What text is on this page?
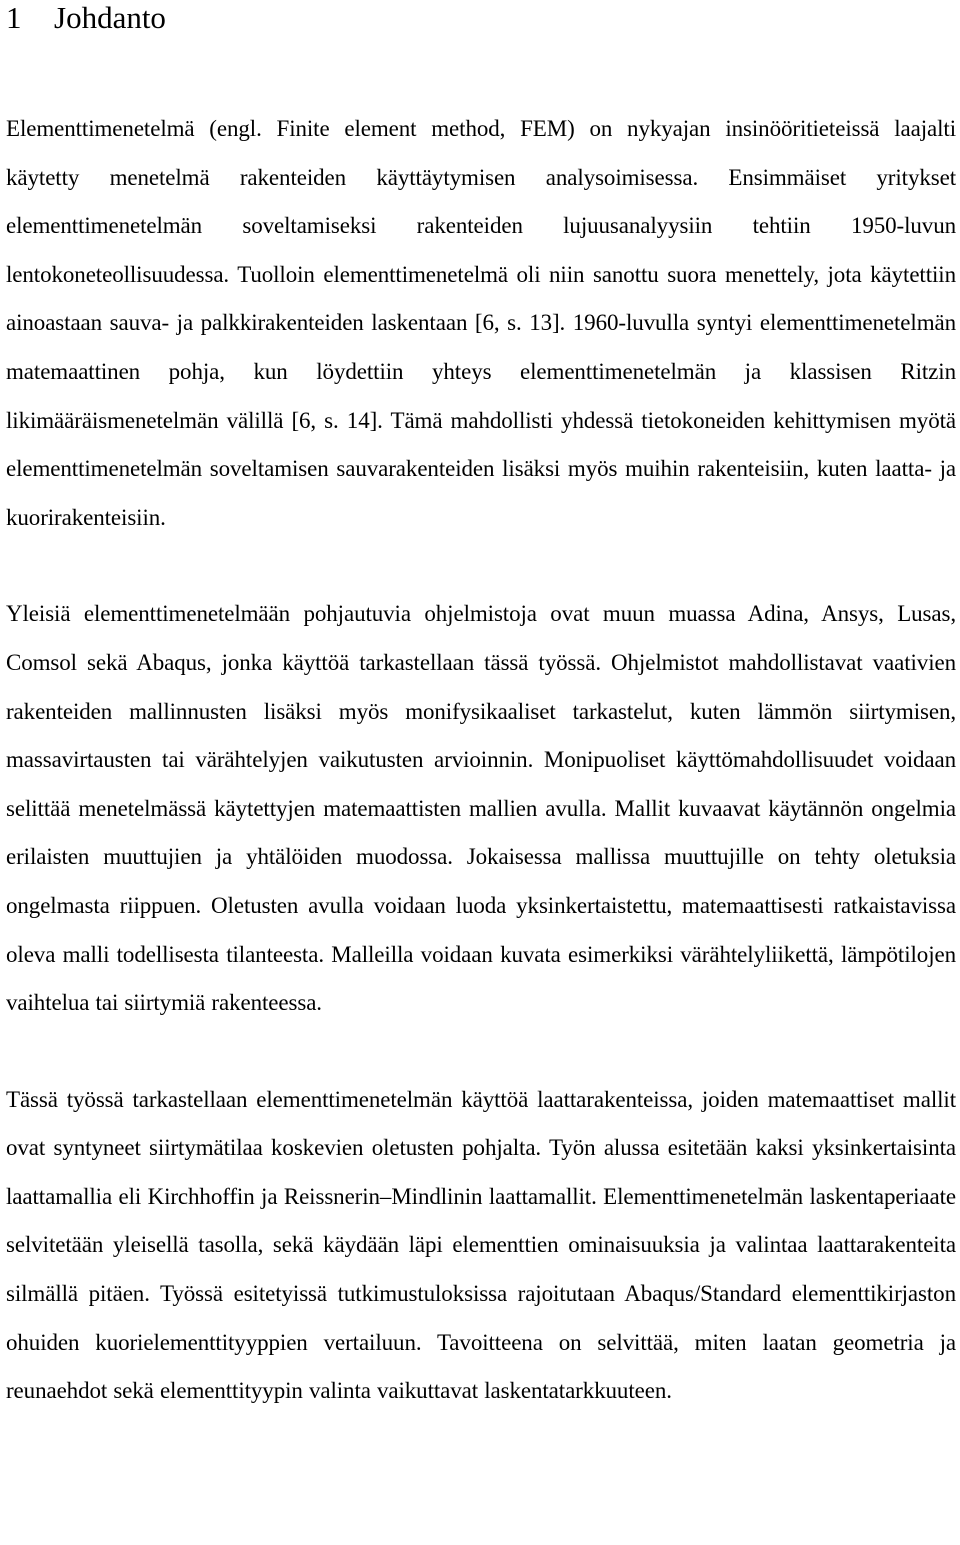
1	Johdanto

Elementtimenetelmä (engl. Finite element method, FEM) on nykyajan insinööritieteissä laajalti käytetty menetelmä rakenteiden käyttäytymisen analysoimisessa. Ensimmäiset yritykset elementtimenetelmän soveltamiseksi rakenteiden lujuusanalyysiin tehtiin 1950-luvun lentokoneteollisuudessa. Tuolloin elementtimenetelmä oli niin sanottu suora menettely, jota käytettiin ainoastaan sauva- ja palkkirakenteiden laskentaan [6, s. 13]. 1960-luvulla syntyi elementtimenetelmän matemaattinen pohja, kun löydettiin yhteys elementtimenetelmän ja klassisen Ritzin likimääräismenetelmän välillä [6, s. 14]. Tämä mahdollisti yhdessä tietokoneiden kehittymisen myötä elementtimenetelmän soveltamisen sauvarakenteiden lisäksi myös muihin rakenteisiin, kuten laatta- ja kuorirakenteisiin.

Yleisiä elementtimenetelmään pohjautuvia ohjelmistoja ovat muun muassa Adina, Ansys, Lusas, Comsol sekä Abaqus, jonka käyttöä tarkastellaan tässä työssä. Ohjelmistot mahdollistavat vaativien rakenteiden mallinnusten lisäksi myös monifysikaaliset tarkastelut, kuten lämmön siirtymisen, massavirtausten tai värähtelyjen vaikutusten arvioinnin. Monipuoliset käyttömahdollisuudet voidaan selittää menetelmässä käytettyjen matemaattisten mallien avulla. Mallit kuvaavat käytännön ongelmia erilaisten muuttujien ja yhtälöiden muodossa. Jokaisessa mallissa muuttujille on tehty oletuksia ongelmasta riippuen. Oletusten avulla voidaan luoda yksinkertaistettu, matemaattisesti ratkaistavissa oleva malli todellisesta tilanteesta. Malleilla voidaan kuvata esimerkiksi värähtelyliikettä, lämpötilojen vaihtelua tai siirtymiä rakenteessa.

Tässä työssä tarkastellaan elementtimenetelmän käyttöä laattarakenteissa, joiden matemaattiset mallit ovat syntyneet siirtymätilaa koskevien oletusten pohjalta. Työn alussa esitetään kaksi yksinkertaisinta laattamallia eli Kirchhoffin ja Reissnerin–Mindlinin laattamallit. Elementtimenetelmän laskentaperiaate selvitetään yleisellä tasolla, sekä käydään läpi elementtien ominaisuuksia ja valintaa laattarakenteita silmällä pitäen. Työssä esitetyissä tutkimustuloksissa rajoitutaan Abaqus/Standard elementtikirjaston ohuiden kuorielementtityyppien vertailuun. Tavoitteena on selvittää, miten laatan geometria ja reunaehdot sekä elementtityypin valinta vaikuttavat laskentatarkkuuteen.
